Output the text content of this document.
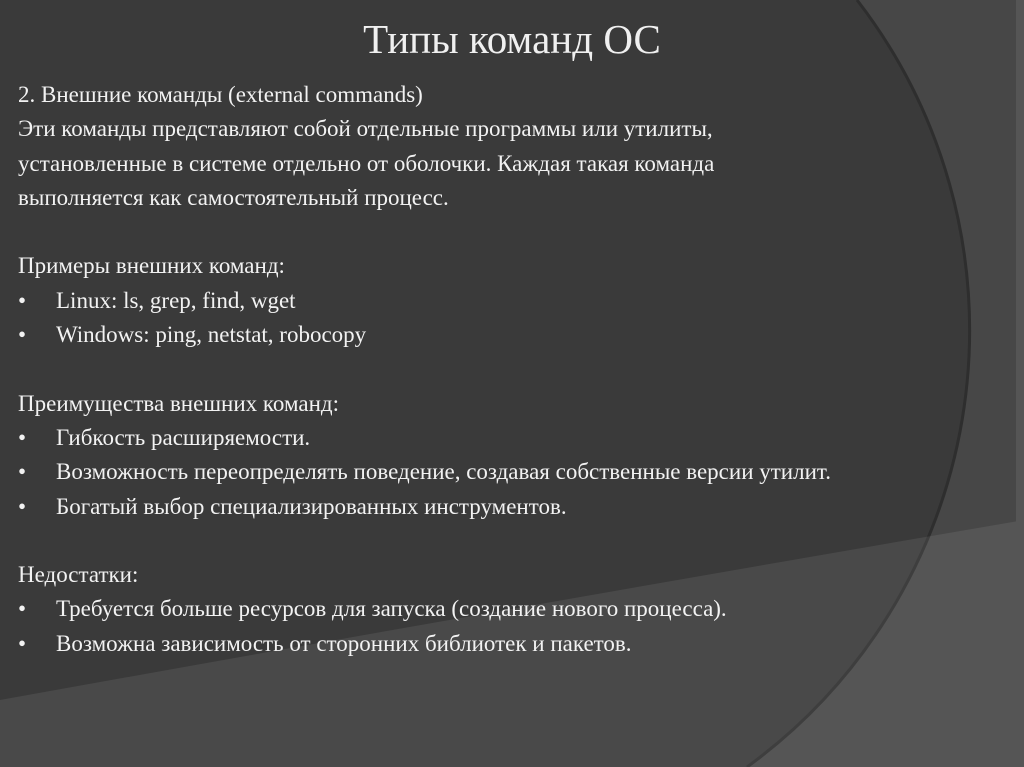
Типы команд ОС
2. Внешние команды (external commands)
Эти команды представляют собой отдельные программы или утилиты,
установленные в системе отдельно от оболочки. Каждая такая команда
выполняется как самостоятельный процесс.
Примеры внешних команд:
•	Linux: ls, grep, find, wget
•	Windows: ping, netstat, robocopy
Преимущества внешних команд:
•	Гибкость расширяемости.
•	Возможность переопределять поведение, создавая собственные версии утилит.
•	Богатый выбор специализированных инструментов.
Недостатки:
•	Требуется больше ресурсов для запуска (создание нового процесса).
•	Возможна зависимость от сторонних библиотек и пакетов.
